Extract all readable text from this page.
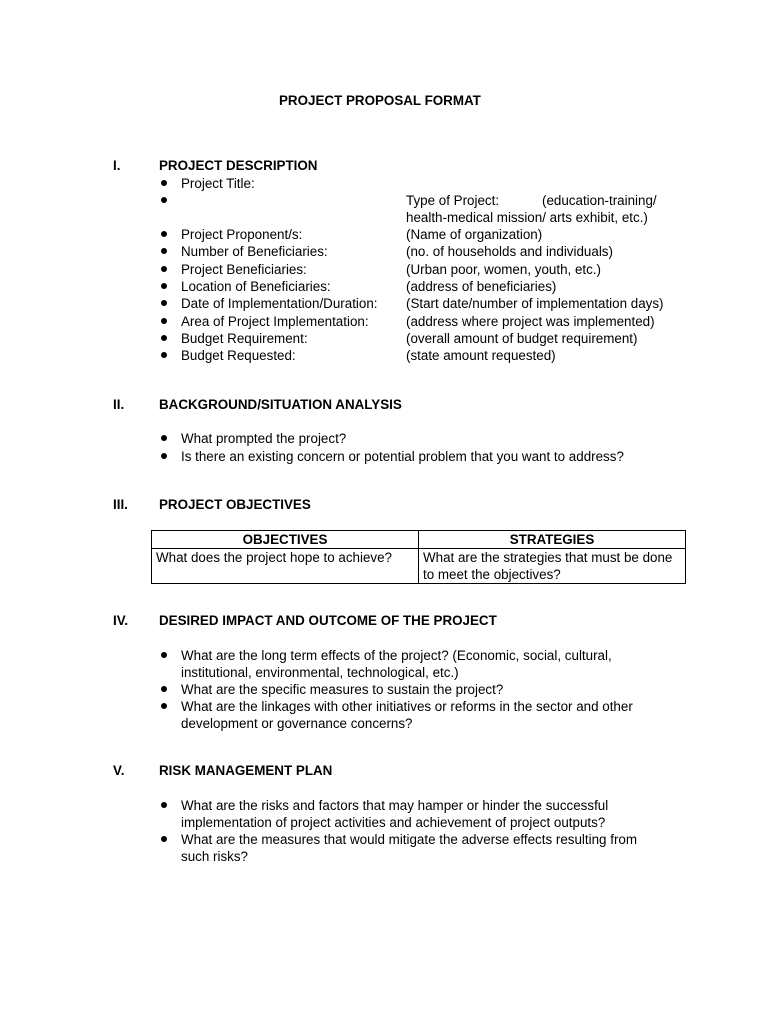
PROJECT PROPOSAL FORMAT
I.	PROJECT DESCRIPTION
Project Title:
Type of Project:	(education-training/
health-medical mission/ arts exhibit, etc.)
Project Proponent/s:	(Name of organization)
Number of Beneficiaries:	(no. of households and individuals)
Project Beneficiaries:	(Urban poor, women, youth, etc.)
Location of Beneficiaries:	(address of beneficiaries)
Date of Implementation/Duration: (Start date/number of implementation days)
Area of Project Implementation:	(address where project was implemented)
Budget Requirement:	(overall amount of budget requirement)
Budget Requested:	(state amount requested)
II.	BACKGROUND/SITUATION ANALYSIS
What prompted the project?
Is there an existing concern or potential problem that you want to address?
III. PROJECT OBJECTIVES
OBJECTIVES	STRATEGIES
What does the project hope to achieve?	What are the strategies that must be done to meet the objectives?
IV. DESIRED IMPACT AND OUTCOME OF THE PROJECT
What are the long term effects of the project? (Economic, social, cultural,
institutional, environmental, technological, etc.)
What are the specific measures to sustain the project?
What are the linkages with other initiatives or reforms in the sector and other
development or governance concerns?
V.	RISK MANAGEMENT PLAN
What are the risks and factors that may hamper or hinder the successful implementation of project activities and achievement of project outputs?
What are the measures that would mitigate the adverse effects resulting from such risks?
